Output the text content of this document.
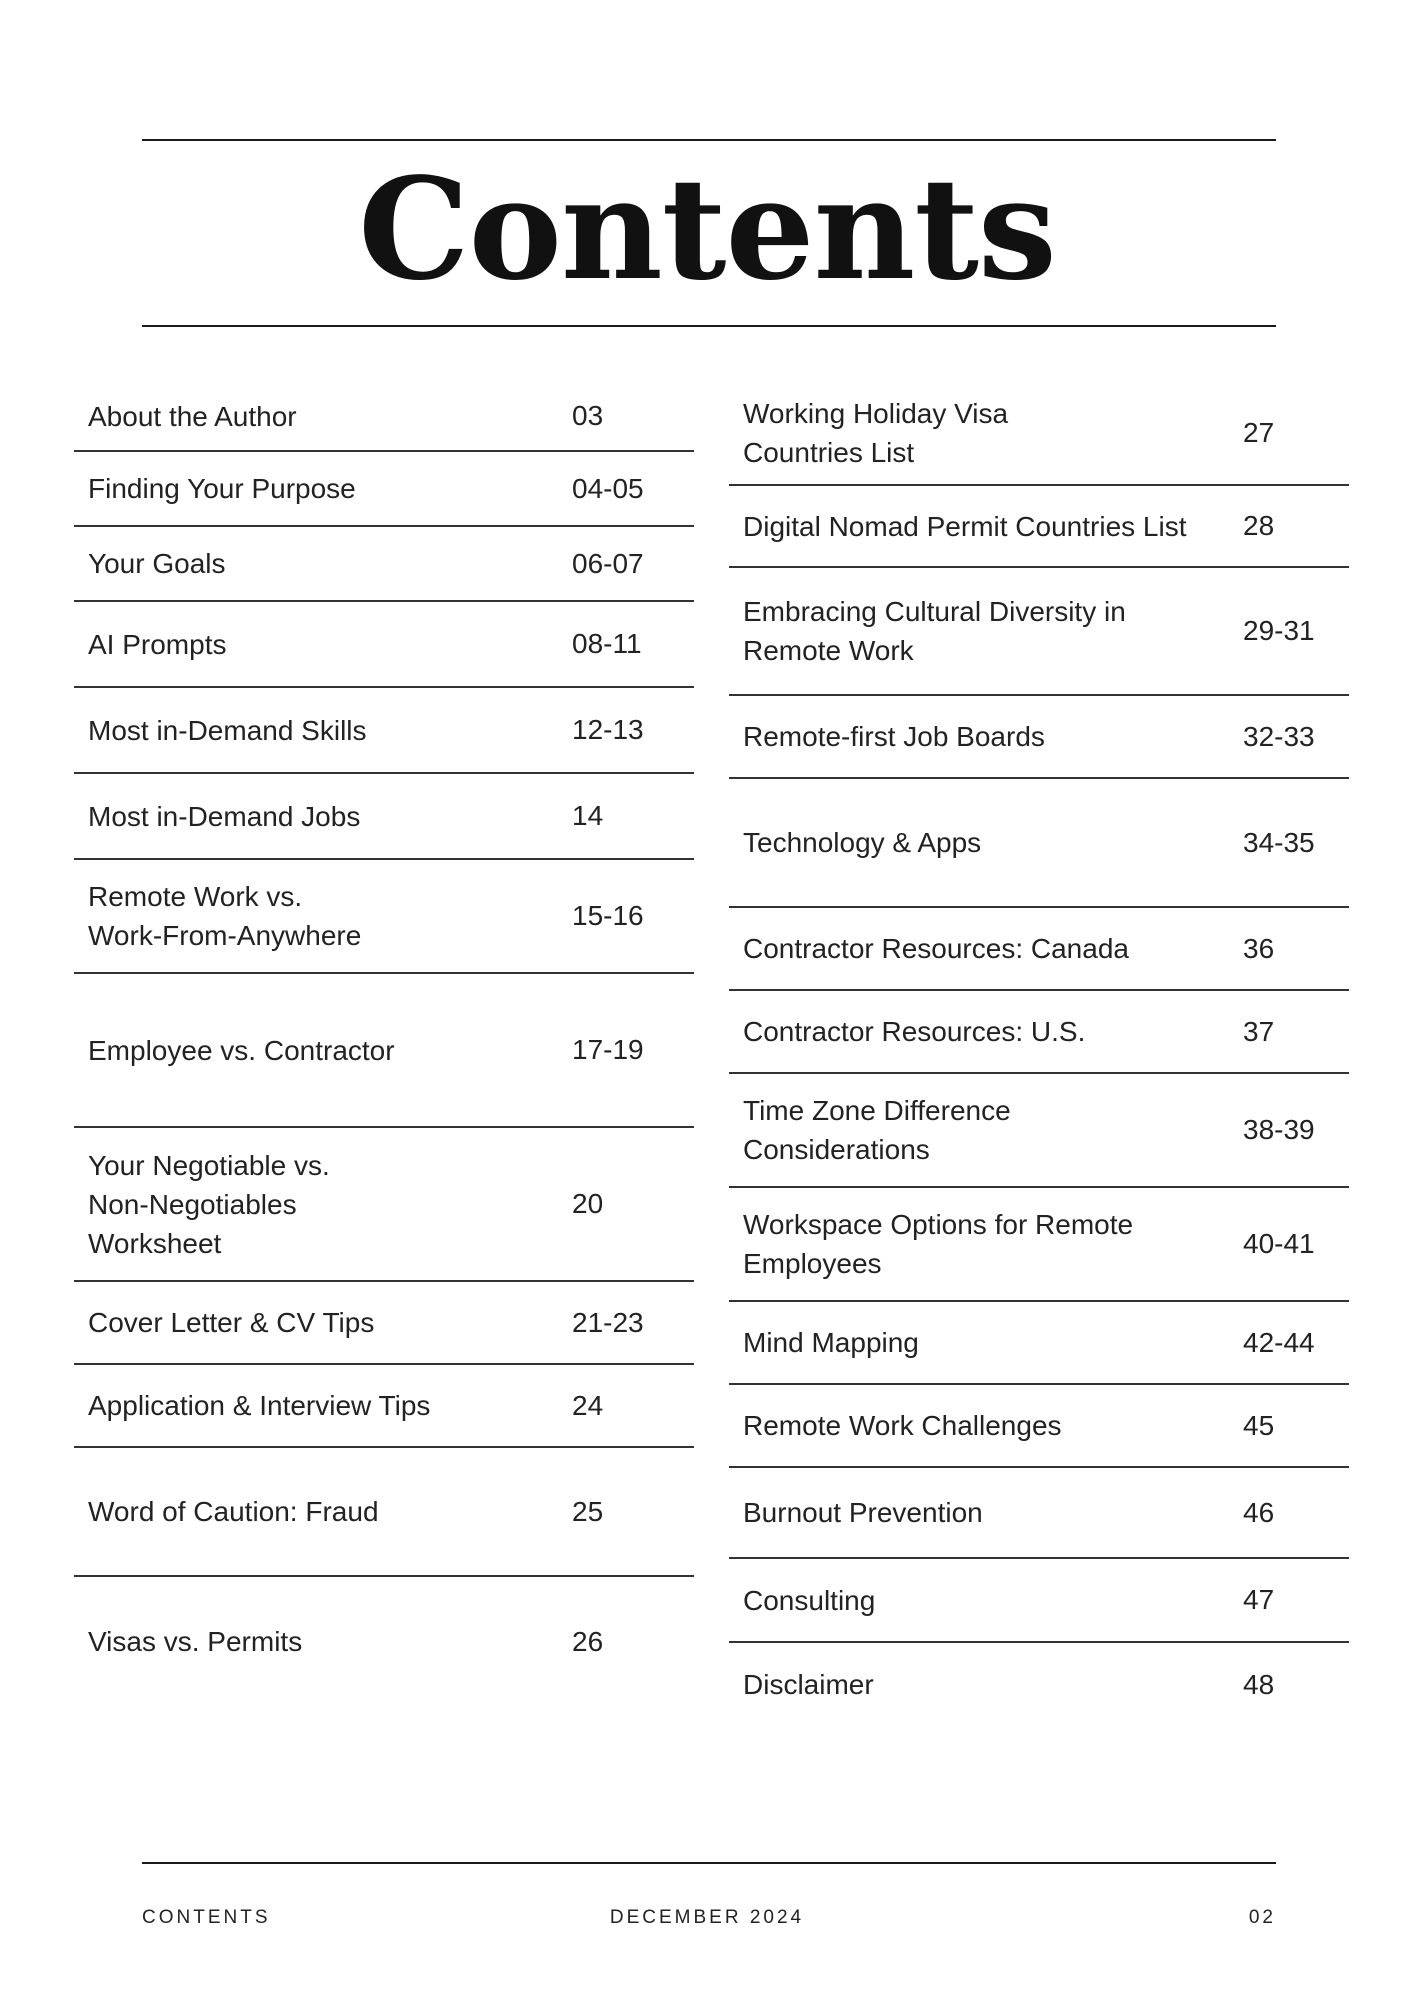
Contents
About the Author	03
Finding Your Purpose	04-05
Your Goals	06-07
AI Prompts	08-11
Most in-Demand Skills	12-13
Most in-Demand Jobs	14
Remote Work vs.
Work-From-Anywhere
15-16
Employee vs. Contractor	17-19
Your Negotiable vs.
Non-Negotiables
Worksheet
20
Cover Letter & CV Tips	21-23
Application & Interview Tips	24
Word of Caution: Fraud	25
Visas vs. Permits	26
Working Holiday Visa
Countries List
27
Digital Nomad Permit Countries List	28
Embracing Cultural Diversity in
Remote Work
29-31
Remote-first Job Boards	32-33
Technology & Apps	34-35
Contractor Resources: Canada	36
Contractor Resources: U.S.	37
Time Zone Difference
Considerations
38-39
Workspace Options for Remote
Employees
40-41
Mind Mapping	42-44
Remote Work Challenges	45
Burnout Prevention	46
Consulting	47
Disclaimer	48
CONTENTS	DECEMBER 2024	02
